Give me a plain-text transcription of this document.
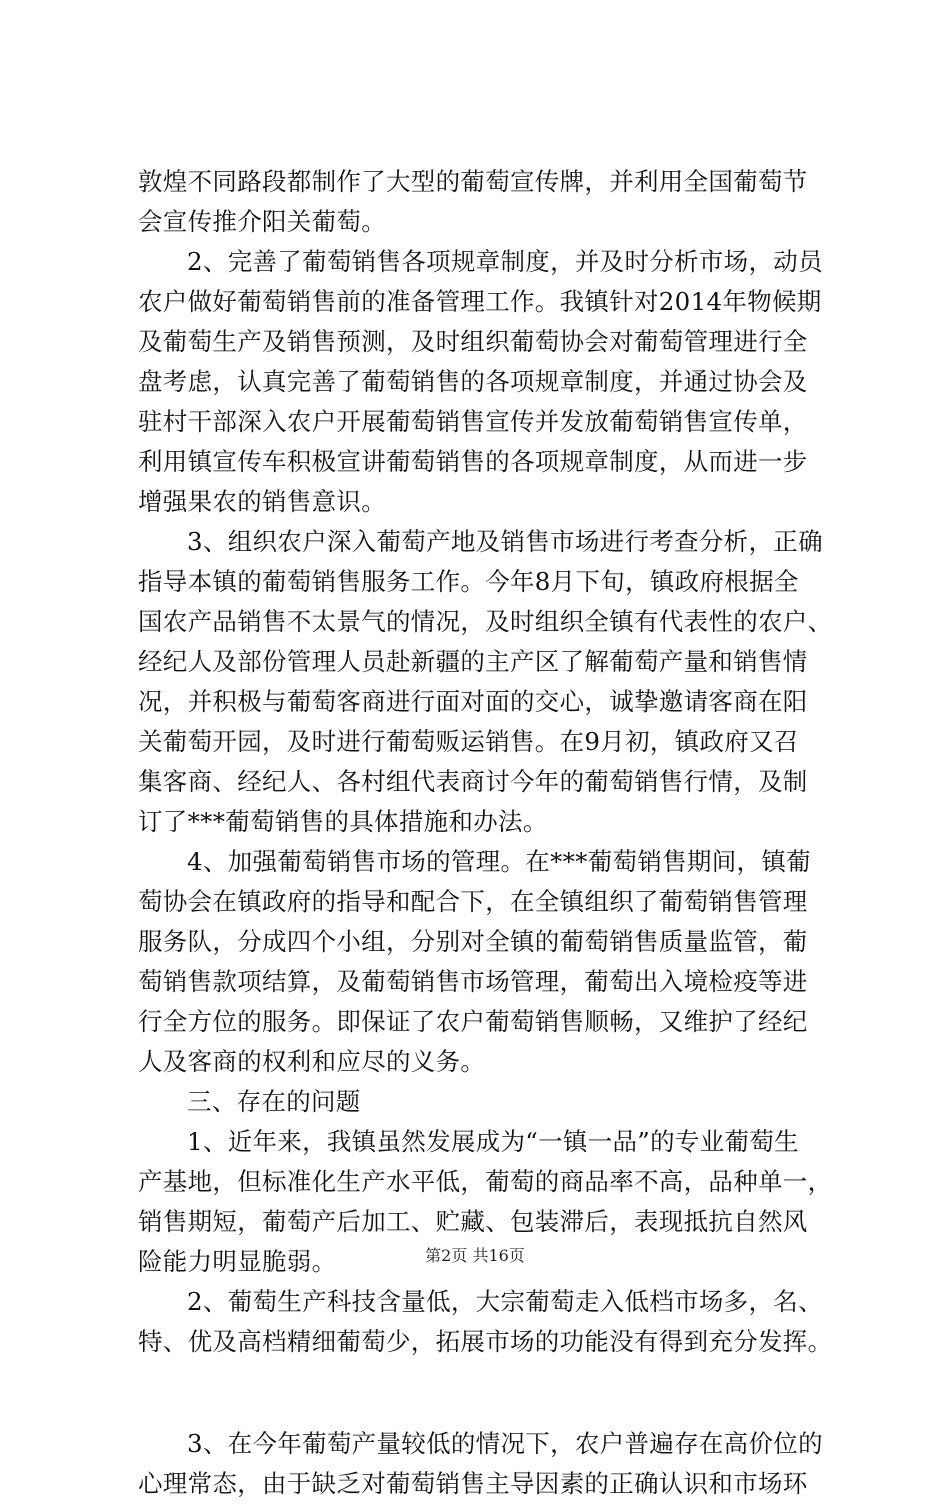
敦煌不同路段都制作了大型的葡萄宣传牌，并利用全国葡萄节
会宣传推介阳关葡萄。
2、完善了葡萄销售各项规章制度，并及时分析市场，动员
农户做好葡萄销售前的准备管理工作。我镇针对2014年物候期
及葡萄生产及销售预测，及时组织葡萄协会对葡萄管理进行全
盘考虑，认真完善了葡萄销售的各项规章制度，并通过协会及
驻村干部深入农户开展葡萄销售宣传并发放葡萄销售宣传单，
利用镇宣传车积极宣讲葡萄销售的各项规章制度，从而进一步
增强果农的销售意识。
3、组织农户深入葡萄产地及销售市场进行考查分析，正确
指导本镇的葡萄销售服务工作。今年8月下旬，镇政府根据全
国农产品销售不太景气的情况，及时组织全镇有代表性的农户、
经纪人及部份管理人员赴新疆的主产区了解葡萄产量和销售情
况，并积极与葡萄客商进行面对面的交心，诚挚邀请客商在阳
关葡萄开园，及时进行葡萄贩运销售。在9月初，镇政府又召
集客商、经纪人、各村组代表商讨今年的葡萄销售行情，及制
订了***葡萄销售的具体措施和办法。
4、加强葡萄销售市场的管理。在***葡萄销售期间，镇葡
萄协会在镇政府的指导和配合下，在全镇组织了葡萄销售管理
服务队，分成四个小组，分别对全镇的葡萄销售质量监管，葡
萄销售款项结算，及葡萄销售市场管理，葡萄出入境检疫等进
行全方位的服务。即保证了农户葡萄销售顺畅，又维护了经纪
人及客商的权利和应尽的义务。
三、存在的问题
1、近年来，我镇虽然发展成为“一镇一品”的专业葡萄生
产基地，但标准化生产水平低，葡萄的商品率不高，品种单一，
销售期短，葡萄产后加工、贮藏、包装滞后，表现抵抗自然风
险能力明显脆弱。
2、葡萄生产科技含量低，大宗葡萄走入低档市场多，名、
特、优及高档精细葡萄少，拓展市场的功能没有得到充分发挥。
3、在今年葡萄产量较低的情况下，农户普遍存在高价位的
心理常态，由于缺乏对葡萄销售主导因素的正确认识和市场环
第2页 共16页
